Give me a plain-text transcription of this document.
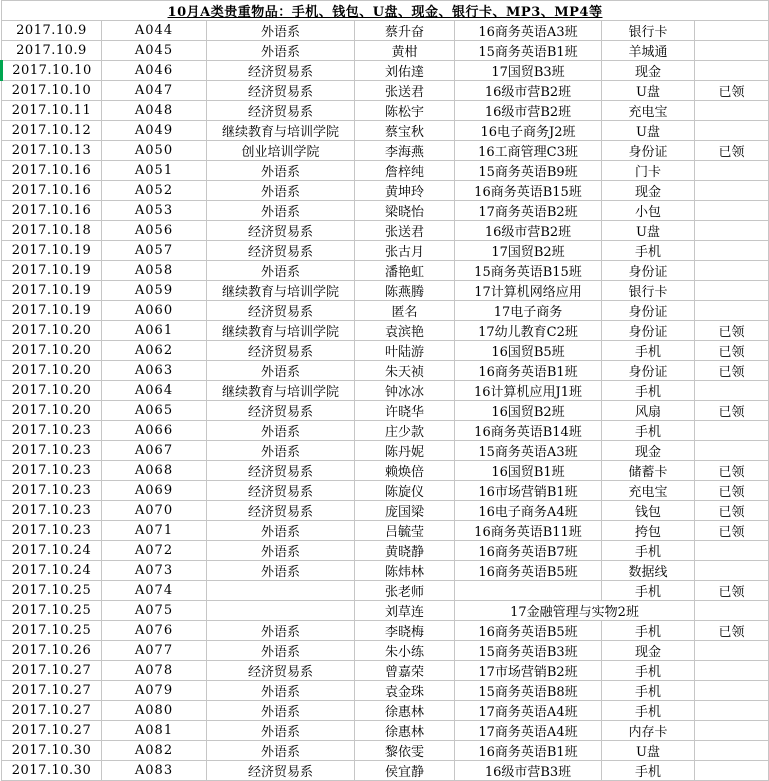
10月A类贵重物品：手机、钱包、U盘、现金、银行卡、MP3、MP4等						
2017.10.9	A044	外语系	蔡升奋	16商务英语A3班	银行卡	
2017.10.9	A045	外语系	黄柑	15商务英语B1班	羊城通	
2017.10.10	A046	经济贸易系	刘佑達	17国贸B3班	现金	
2017.10.10	A047	经济贸易系	张送君	16级市营B2班	U盘	已领
2017.10.11	A048	经济贸易系	陈松宇	16级市营B2班	充电宝	
2017.10.12	A049	继续教育与培训学院	蔡宝秋	16电子商务J2班	U盘	
2017.10.13	A050	创业培训学院	李海燕	16工商管理C3班	身份证	已领
2017.10.16	A051	外语系	詹梓纯	15商务英语B9班	门卡	
2017.10.16	A052	外语系	黄坤玲	16商务英语B15班	现金	
2017.10.16	A053	外语系	梁晓怡	17商务英语B2班	小包	
2017.10.18	A056	经济贸易系	张送君	16级市营B2班	U盘	
2017.10.19	A057	经济贸易系	张古月	17国贸B2班	手机	
2017.10.19	A058	外语系	潘艳虹	15商务英语B15班	身份证	
2017.10.19	A059	继续教育与培训学院	陈燕腾	17计算机网络应用	银行卡	
2017.10.19	A060	经济贸易系	匿名	17电子商务	身份证	
2017.10.20	A061	继续教育与培训学院	袁滨艳	17幼儿教育C2班	身份证	已领
2017.10.20	A062	经济贸易系	叶陆游	16国贸B5班	手机	已领
2017.10.20	A063	外语系	朱天祯	16商务英语B1班	身份证	已领
2017.10.20	A064	继续教育与培训学院	钟冰冰	16计算机应用J1班	手机	
2017.10.20	A065	经济贸易系	许晓华	16国贸B2班	风扇	已领
2017.10.23	A066	外语系	庄少款	16商务英语B14班	手机	
2017.10.23	A067	外语系	陈丹妮	15商务英语A3班	现金	
2017.10.23	A068	经济贸易系	赖焕倍	16国贸B1班	储蓄卡	已领
2017.10.23	A069	经济贸易系	陈旋仪	16市场营销B1班	充电宝	已领
2017.10.23	A070	经济贸易系	庞国梁	16电子商务A4班	钱包	已领
2017.10.23	A071	外语系	吕毓莹	16商务英语B11班	挎包	已领
2017.10.24	A072	外语系	黄晓静	16商务英语B7班	手机	
2017.10.24	A073	外语系	陈炜林	16商务英语B5班	数据线	
2017.10.25	A074		张老师		手机	已领
2017.10.25	A075		刘草连	17金融管理与实物2班		
2017.10.25	A076	外语系	李晓梅	16商务英语B5班	手机	已领
2017.10.26	A077	外语系	朱小练	15商务英语B3班	现金	
2017.10.27	A078	经济贸易系	曾嘉荣	17市场营销B2班	手机	
2017.10.27	A079	外语系	袁金珠	15商务英语B8班	手机	
2017.10.27	A080	外语系	徐惠林	17商务英语A4班	手机	
2017.10.27	A081	外语系	徐惠林	17商务英语A4班	内存卡	
2017.10.30	A082	外语系	黎依雯	16商务英语B1班	U盘	
2017.10.30	A083	经济贸易系	侯宜静	16级市营B3班	手机	
